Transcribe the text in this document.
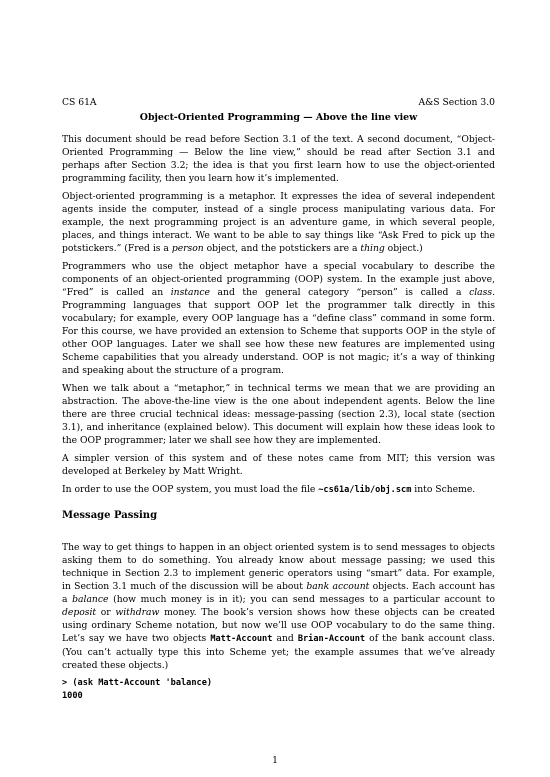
CS 61A	A&S Section 3.0
Object-Oriented Programming — Above the line view

This document should be read before Section 3.1 of the text. A second document, “Object-Oriented Programming — Below the line view,” should be read after Section 3.1 and perhaps after Section 3.2; the idea is that you first learn how to use the object-oriented programming facility, then you learn how it’s implemented.

Object-oriented programming is a metaphor. It expresses the idea of several independent agents inside the computer, instead of a single process manipulating various data. For example, the next programming project is an adventure game, in which several people, places, and things interact. We want to be able to say things like “Ask Fred to pick up the potstickers.” (Fred is a person object, and the potstickers are a thing object.)

Programmers who use the object metaphor have a special vocabulary to describe the components of an object-oriented programming (OOP) system. In the example just above, “Fred” is called an instance and the general category “person” is called a class. Programming languages that support OOP let the programmer talk directly in this vocabulary; for example, every OOP language has a “define class” command in some form. For this course, we have provided an extension to Scheme that supports OOP in the style of other OOP languages. Later we shall see how these new features are implemented using Scheme capabilities that you already understand. OOP is not magic; it’s a way of thinking and speaking about the structure of a program.

When we talk about a “metaphor,” in technical terms we mean that we are providing an abstraction. The above-the-line view is the one about independent agents. Below the line there are three crucial technical ideas: message-passing (section 2.3), local state (section 3.1), and inheritance (explained below). This document will explain how these ideas look to the OOP programmer; later we shall see how they are implemented.

A simpler version of this system and of these notes came from MIT; this version was developed at Berkeley by Matt Wright.

In order to use the OOP system, you must load the file ~cs61a/lib/obj.scm into Scheme.

Message Passing

The way to get things to happen in an object oriented system is to send messages to objects asking them to do something. You already know about message passing; we used this technique in Section 2.3 to implement generic operators using “smart” data. For example, in Section 3.1 much of the discussion will be about bank account objects. Each account has a balance (how much money is in it); you can send messages to a particular account to deposit or withdraw money. The book’s version shows how these objects can be created using ordinary Scheme notation, but now we’ll use OOP vocabulary to do the same thing. Let’s say we have two objects Matt-Account and Brian-Account of the bank account class. (You can’t actually type this into Scheme yet; the example assumes that we’ve already created these objects.)

> (ask Matt-Account 'balance)
1000
1
